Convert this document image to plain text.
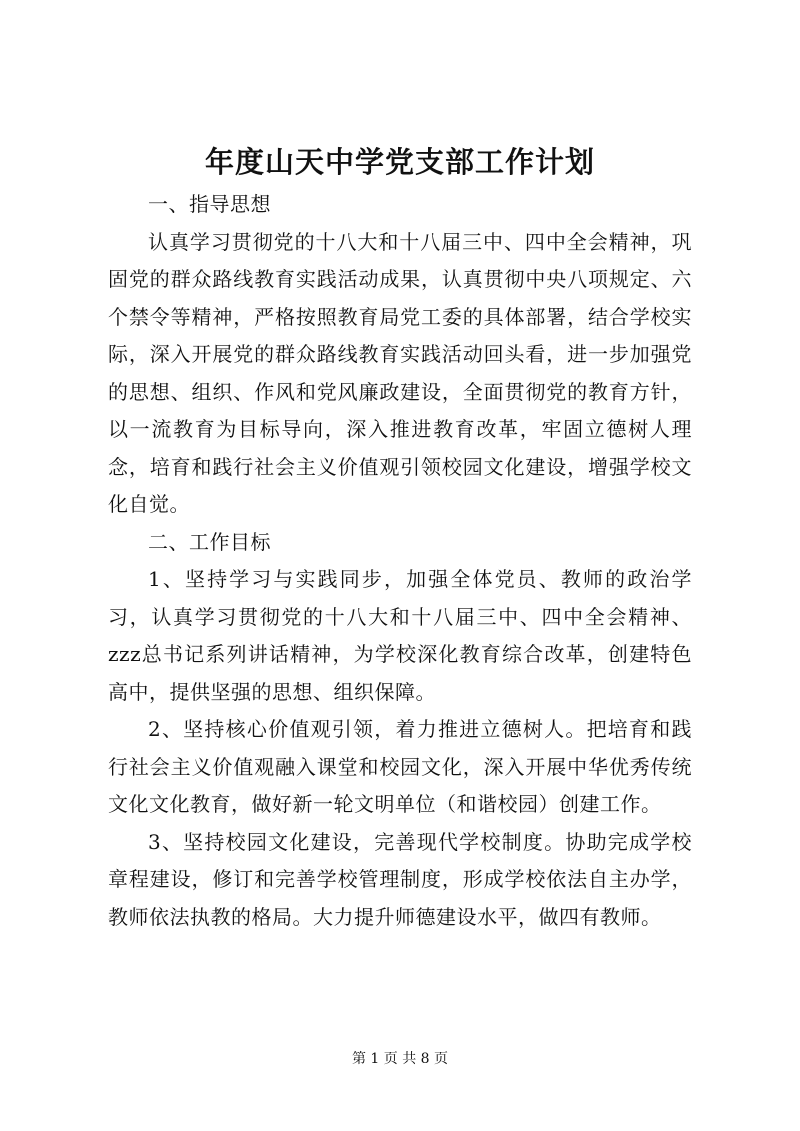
年度山天中学党支部工作计划

一、指导思想

认真学习贯彻党的十八大和十八届三中、四中全会精神，巩固党的群众路线教育实践活动成果，认真贯彻中央八项规定、六个禁令等精神，严格按照教育局党工委的具体部署，结合学校实际，深入开展党的群众路线教育实践活动回头看，进一步加强党的思想、组织、作风和党风廉政建设，全面贯彻党的教育方针，以一流教育为目标导向，深入推进教育改革，牢固立德树人理念，培育和践行社会主义价值观引领校园文化建设，增强学校文化自觉。

二、工作目标

1、坚持学习与实践同步，加强全体党员、教师的政治学习，认真学习贯彻党的十八大和十八届三中、四中全会精神、zzz总书记系列讲话精神，为学校深化教育综合改革，创建特色高中，提供坚强的思想、组织保障。

2、坚持核心价值观引领，着力推进立德树人。把培育和践行社会主义价值观融入课堂和校园文化，深入开展中华优秀传统文化文化教育，做好新一轮文明单位（和谐校园）创建工作。

3、坚持校园文化建设，完善现代学校制度。协助完成学校章程建设，修订和完善学校管理制度，形成学校依法自主办学，教师依法执教的格局。大力提升师德建设水平，做四有教师。

第 1 页 共 8 页
